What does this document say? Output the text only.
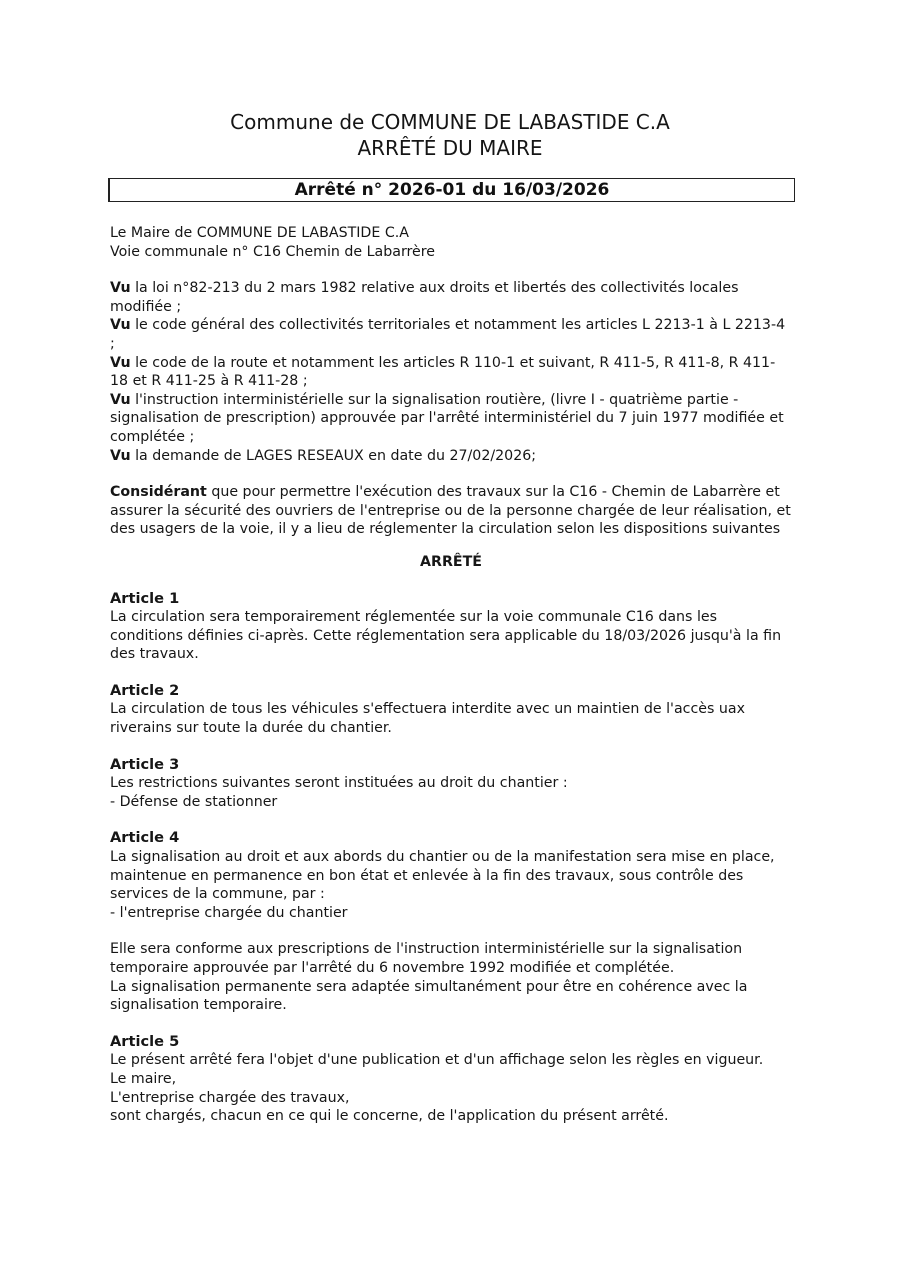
Commune de COMMUNE DE LABASTIDE C.A
ARRÊTÉ DU MAIRE
Arrêté n° 2026-01 du 16/03/2026

Le Maire de COMMUNE DE LABASTIDE C.A

Voie communale n° C16 Chemin de Labarrère

Vu la loi n°82-213 du 2 mars 1982 relative aux droits et libertés des collectivités locales modifiée ;

Vu le code général des collectivités territoriales et notamment les articles L 2213-1 à L 2213-4 ;

Vu le code de la route et notamment les articles R 110-1 et suivant, R 411-5, R 411-8, R 411-18 et R 411-25 à R 411-28 ;

Vu l'instruction interministérielle sur la signalisation routière, (livre I - quatrième partie - signalisation de prescription) approuvée par l'arrêté interministériel du 7 juin 1977 modifiée et complétée ;

Vu la demande de LAGES RESEAUX en date du 27/02/2026;

Considérant que pour permettre l'exécution des travaux sur la C16 - Chemin de Labarrère et assurer la sécurité des ouvriers de l'entreprise ou de la personne chargée de leur réalisation, et des usagers de la voie, il y a lieu de réglementer la circulation selon les dispositions suivantes

ARRÊTÉ

Article 1

La circulation sera temporairement réglementée sur la voie communale C16 dans les conditions définies ci-après. Cette réglementation sera applicable du 18/03/2026 jusqu'à la fin des travaux.

Article 2

La circulation de tous les véhicules s'effectuera interdite avec un maintien de l'accès uax riverains sur toute la durée du chantier.

Article 3

Les restrictions suivantes seront instituées au droit du chantier :

- Défense de stationner

Article 4

La signalisation au droit et aux abords du chantier ou de la manifestation sera mise en place, maintenue en permanence en bon état et enlevée à la fin des travaux, sous contrôle des services de la commune, par :

- l'entreprise chargée du chantier

Elle sera conforme aux prescriptions de l'instruction interministérielle sur la signalisation temporaire approuvée par l'arrêté du 6 novembre 1992 modifiée et complétée.

La signalisation permanente sera adaptée simultanément pour être en cohérence avec la signalisation temporaire.

Article 5

Le présent arrêté fera l'objet d'une publication et d'un affichage selon les règles en vigueur.

Le maire,

L'entreprise chargée des travaux,

sont chargés, chacun en ce qui le concerne, de l'application du présent arrêté.
